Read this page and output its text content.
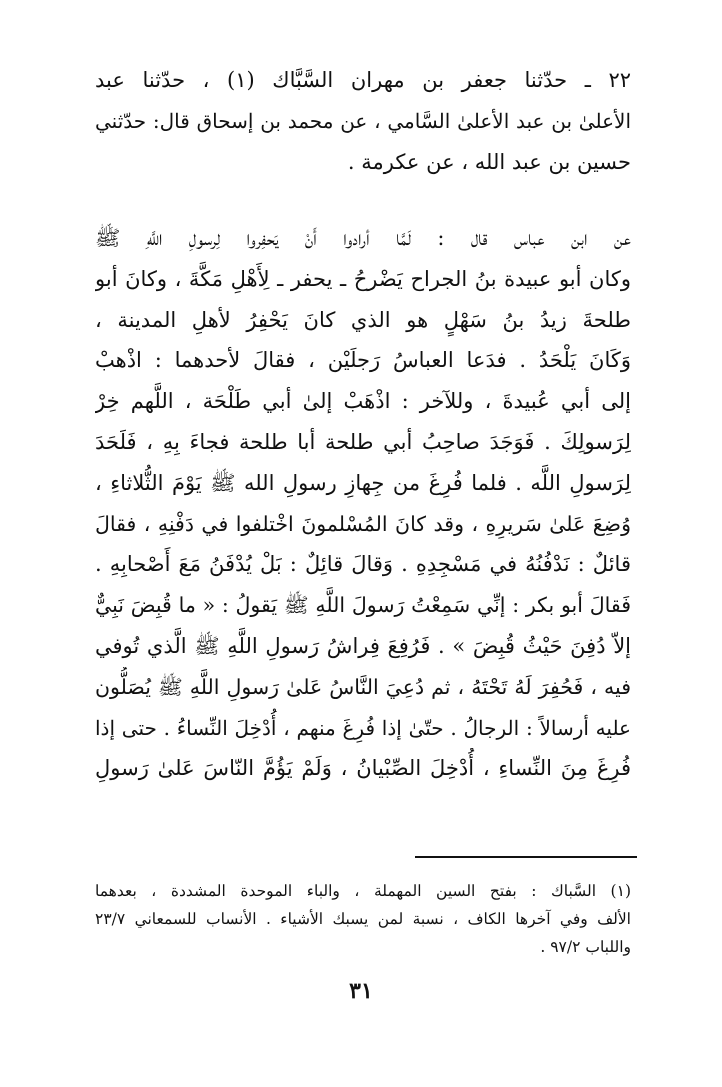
٢٢ ـ حدّثنا جعفر بن مهران السَّبَّاك (١) ، حدّثنا عبد
الأعلىٰ بن عبد الأعلىٰ السَّامي ، عن محمد بن إسحاق قال: حدّثني
حسين بن عبد الله ، عن عكرمة .
عن ابن عباس قال : لَمَّا أرادوا أَنْ يَحفِروا لِرسولِ اللَّهِ ﷺ
وكان أبو عبيدة بنُ الجراح يَضْرحُ ـ يحفر ـ لِأَهْلِ مَكَّةَ ، وكانَ أبو
طلحةَ زيدُ بنُ سَهْلٍ هو الذي كانَ يَحْفِرُ لأهلِ المدينة ،
وَكَانَ يَلْحَدُ . فدَعا العباسُ رَجلَيْن ، فقالَ لأحدهما : اذْهبْ
إلى أبي عُبيدةَ ، وللآخر : اذْهَبْ إلىٰ أبي طَلْحَة ، اللَّهم خِرْ
لِرَسولِكَ . فَوَجَدَ صاحِبُ أبي طلحة أبا طلحة فجاءَ بِهِ ، فَلَحَدَ
لِرَسولِ اللَّه . فلما فُرِغَ من جِهازِ رسولِ الله ﷺ يَوْمَ الثُّلاثاءِ ،
وُضِعَ عَلىٰ سَريرِهِ ، وقد كانَ المُسْلمونَ اخْتلفوا في دَفْنِهِ ، فقالَ
قائلٌ : نَدْفُنُهُ في مَسْجِدِهِ . وَقالَ قائِلٌ : بَلْ يُدْفَنُ مَعَ أَصْحابِهِ .
فَقالَ أبو بكر : إنِّي سَمِعْتُ رَسولَ اللَّهِ ﷺ يَقولُ : « ما قُبِضَ نَبِيٌّ
إلاّ دُفِنَ حَيْثُ قُبِضَ » . فَرُفِعَ فِراشُ رَسولِ اللَّهِ ﷺ الَّذي تُوفي
فيه ، فَحُفِرَ لَهُ تَحْتَهُ ، ثم دُعِيَ النَّاسُ عَلىٰ رَسولِ اللَّهِ ﷺ يُصَلُّون
عليه أرسالاً : الرجالُ . حتّىٰ إذا فُرِغَ منهم ، أُدْخِلَ النِّساءُ . حتى إذا
فُرِغَ مِنَ النِّساءِ ، أُدْخِلَ الصِّبْيانُ ، وَلَمْ يَؤُمَّ النّاسَ عَلىٰ رَسولِ
(١) السَّباك : بفتح السين المهملة ، والباء الموحدة المشددة ، بعدهما
الألف وفي آخرها الكاف ، نسبة لمن يسبك الأشياء . الأنساب للسمعاني ٢٣/٧
واللباب ٩٧/٢ .
٣١
